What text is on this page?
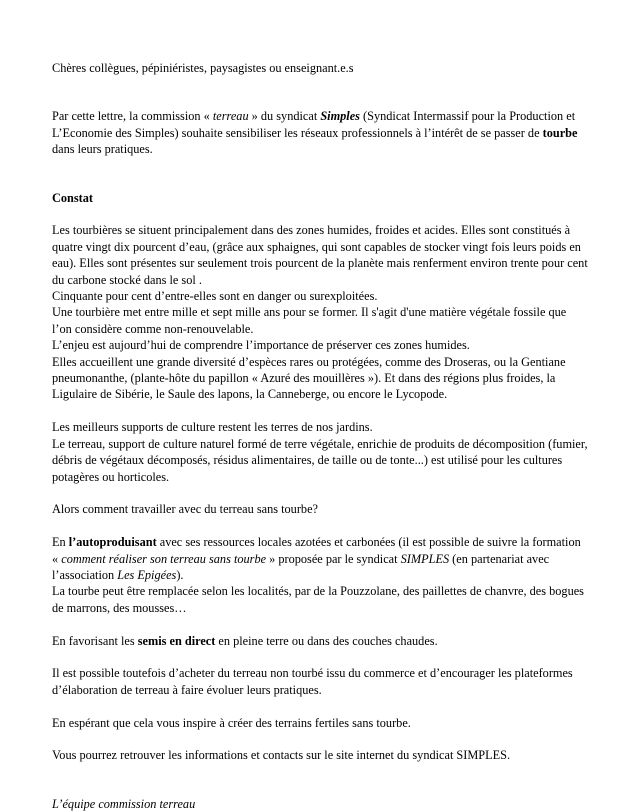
Chères collègues, pépiniéristes, paysagistes ou enseignant.e.s

Par cette lettre, la commission « terreau » du syndicat Simples (Syndicat Intermassif pour la Production et L’Economie des Simples) souhaite sensibiliser les réseaux professionnels à l’intérêt de se passer de tourbe dans leurs pratiques.

Constat

Les tourbières se situent principalement dans des zones humides, froides et acides. Elles sont constitués à quatre vingt dix pourcent d’eau, (grâce aux sphaignes, qui sont capables de stocker vingt fois leurs poids en eau). Elles sont présentes sur seulement trois pourcent de la planète mais renferment environ trente pour cent du carbone stocké dans le sol .

Cinquante pour cent d’entre-elles sont en danger ou surexploitées.

Une tourbière met entre mille et sept mille ans pour se former. Il s'agit d'une matière végétale fossile que l’on considère comme non-renouvelable.

L’enjeu est aujourd’hui de comprendre l’importance de préserver ces zones humides.

Elles accueillent une grande diversité d’espèces rares ou protégées, comme des Droseras, ou la Gentiane pneumonanthe, (plante-hôte du papillon « Azuré des mouillères »). Et dans des régions plus froides, la Ligulaire de Sibérie, le Saule des lapons, la Canneberge, ou encore le Lycopode.

Les meilleurs supports de culture restent les terres de nos jardins.

Le terreau, support de culture naturel formé de terre végétale, enrichie de produits de décomposition (fumier, débris de végétaux décomposés, résidus alimentaires, de taille ou de tonte...) est utilisé pour les cultures potagères ou horticoles.

Alors comment travailler avec du terreau sans tourbe?

En l’autoproduisant avec ses ressources locales azotées et carbonées (il est possible de suivre la formation « comment réaliser son terreau sans tourbe » proposée par le syndicat SIMPLES (en partenariat avec l’association Les Epigées).

La tourbe peut être remplacée selon les localités, par de la Pouzzolane, des paillettes de chanvre, des bogues de marrons, des mousses…

En favorisant les semis en direct en pleine terre ou dans des couches chaudes.

Il est possible toutefois d’acheter du terreau non tourbé issu du commerce et d’encourager les plateformes d’élaboration de terreau à faire évoluer leurs pratiques.

En espérant que cela vous inspire à créer des terrains fertiles sans tourbe.

Vous pourrez retrouver les informations et contacts sur le site internet du syndicat SIMPLES.

L’équipe commission terreau
